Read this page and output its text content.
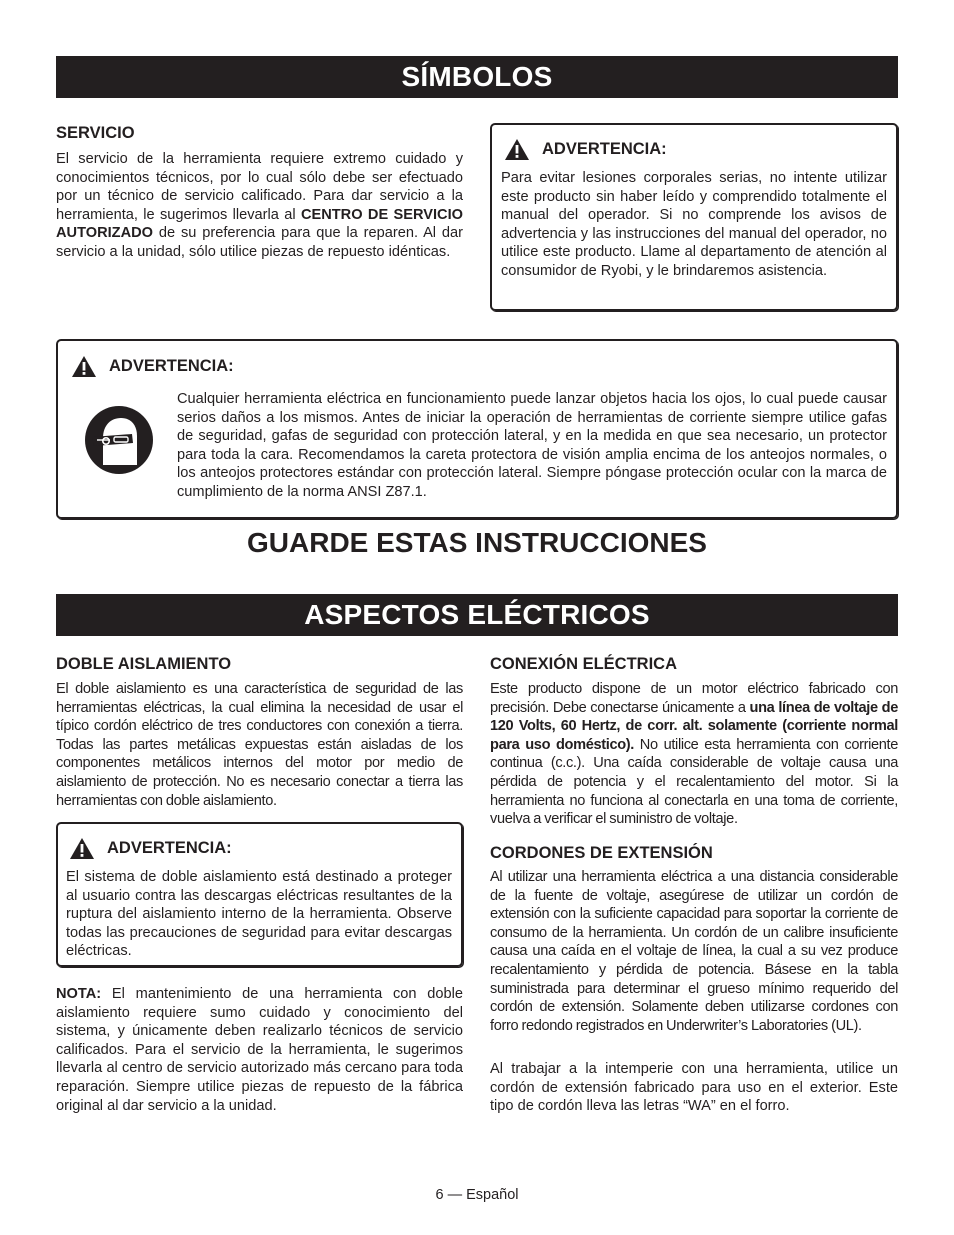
SÍMBOLOS
SERVICIO

El servicio de la herramienta requiere extremo cuidado y conocimientos técnicos, por lo cual sólo debe ser efectuado por un técnico de servicio calificado. Para dar servicio a la herramienta, le sugerimos llevarla al CENTRO DE SERVICIO AUTORIZADO de su preferencia para que la reparen. Al dar servicio a la unidad, sólo utilice piezas de repuesto idénticas.

ADVERTENCIA:

Para evitar lesiones corporales serias, no intente utilizar este producto sin haber leído y comprendido totalmente el manual del operador. Si no comprende los avisos de advertencia y las instrucciones del manual del operador, no utilice este producto. Llame al departamento de atención al consumidor de Ryobi, y le brindaremos asistencia.

ADVERTENCIA:

Cualquier herramienta eléctrica en funcionamiento puede lanzar objetos hacia los ojos, lo cual puede causar serios daños a los mismos. Antes de iniciar la operación de herramientas de corriente siempre utilice gafas de seguridad, gafas de seguridad con protección lateral, y en la medida en que sea necesario, un protector para toda la cara. Recomendamos la careta protectora de visión amplia encima de los anteojos normales, o los anteojos protectores estándar con protección lateral. Siempre póngase protección ocular con la marca de cumplimiento de la norma ANSI Z87.1.

GUARDE ESTAS INSTRUCCIONES
ASPECTOS ELÉCTRICOS
DOBLE AISLAMIENTO

El doble aislamiento es una característica de seguridad de las herramientas eléctricas, la cual elimina la necesidad de usar el típico cordón eléctrico de tres conductores con conexión a tierra. Todas las partes metálicas expuestas están aisladas de los componentes metálicos internos del motor por medio de aislamiento de protección. No es necesario conectar a tierra las herramientas con doble aislamiento.

ADVERTENCIA:

El sistema de doble aislamiento está destinado a proteger al usuario contra las descargas eléctricas resultantes de la ruptura del aislamiento interno de la herramienta. Observe todas las precauciones de seguridad para evitar descargas eléctricas.

NOTA: El mantenimiento de una herramienta con doble aislamiento requiere sumo cuidado y conocimiento del sistema, y únicamente deben realizarlo técnicos de servicio calificados. Para el servicio de la herramienta, le sugerimos llevarla al centro de servicio autorizado más cercano para toda reparación. Siempre utilice piezas de repuesto de la fábrica original al dar servicio a la unidad.

CONEXIÓN ELÉCTRICA

Este producto dispone de un motor eléctrico fabricado con precisión. Debe conectarse únicamente a una línea de voltaje de 120 Volts, 60 Hertz, de corr. alt. solamente (corriente normal para uso doméstico). No utilice esta herramienta con corriente continua (c.c.). Una caída considerable de voltaje causa una pérdida de potencia y el recalentamiento del motor. Si la herramienta no funciona al conectarla en una toma de corriente, vuelva a verificar el suministro de voltaje.

CORDONES DE EXTENSIÓN

Al utilizar una herramienta eléctrica a una distancia considerable de la fuente de voltaje, asegúrese de utilizar un cordón de extensión con la suficiente capacidad para soportar la corriente de consumo de la herramienta. Un cordón de un calibre insuficiente causa una caída en el voltaje de línea, la cual a su vez produce recalentamiento y pérdida de potencia. Básese en la tabla suministrada para determinar el grueso mínimo requerido del cordón de extensión. Solamente deben utilizarse cordones con forro redondo registrados en Underwriter’s Laboratories (UL).

Al trabajar a la intemperie con una herramienta, utilice un cordón de extensión fabricado para uso en el exterior. Este tipo de cordón lleva las letras “WA” en el forro.

6 — Español
